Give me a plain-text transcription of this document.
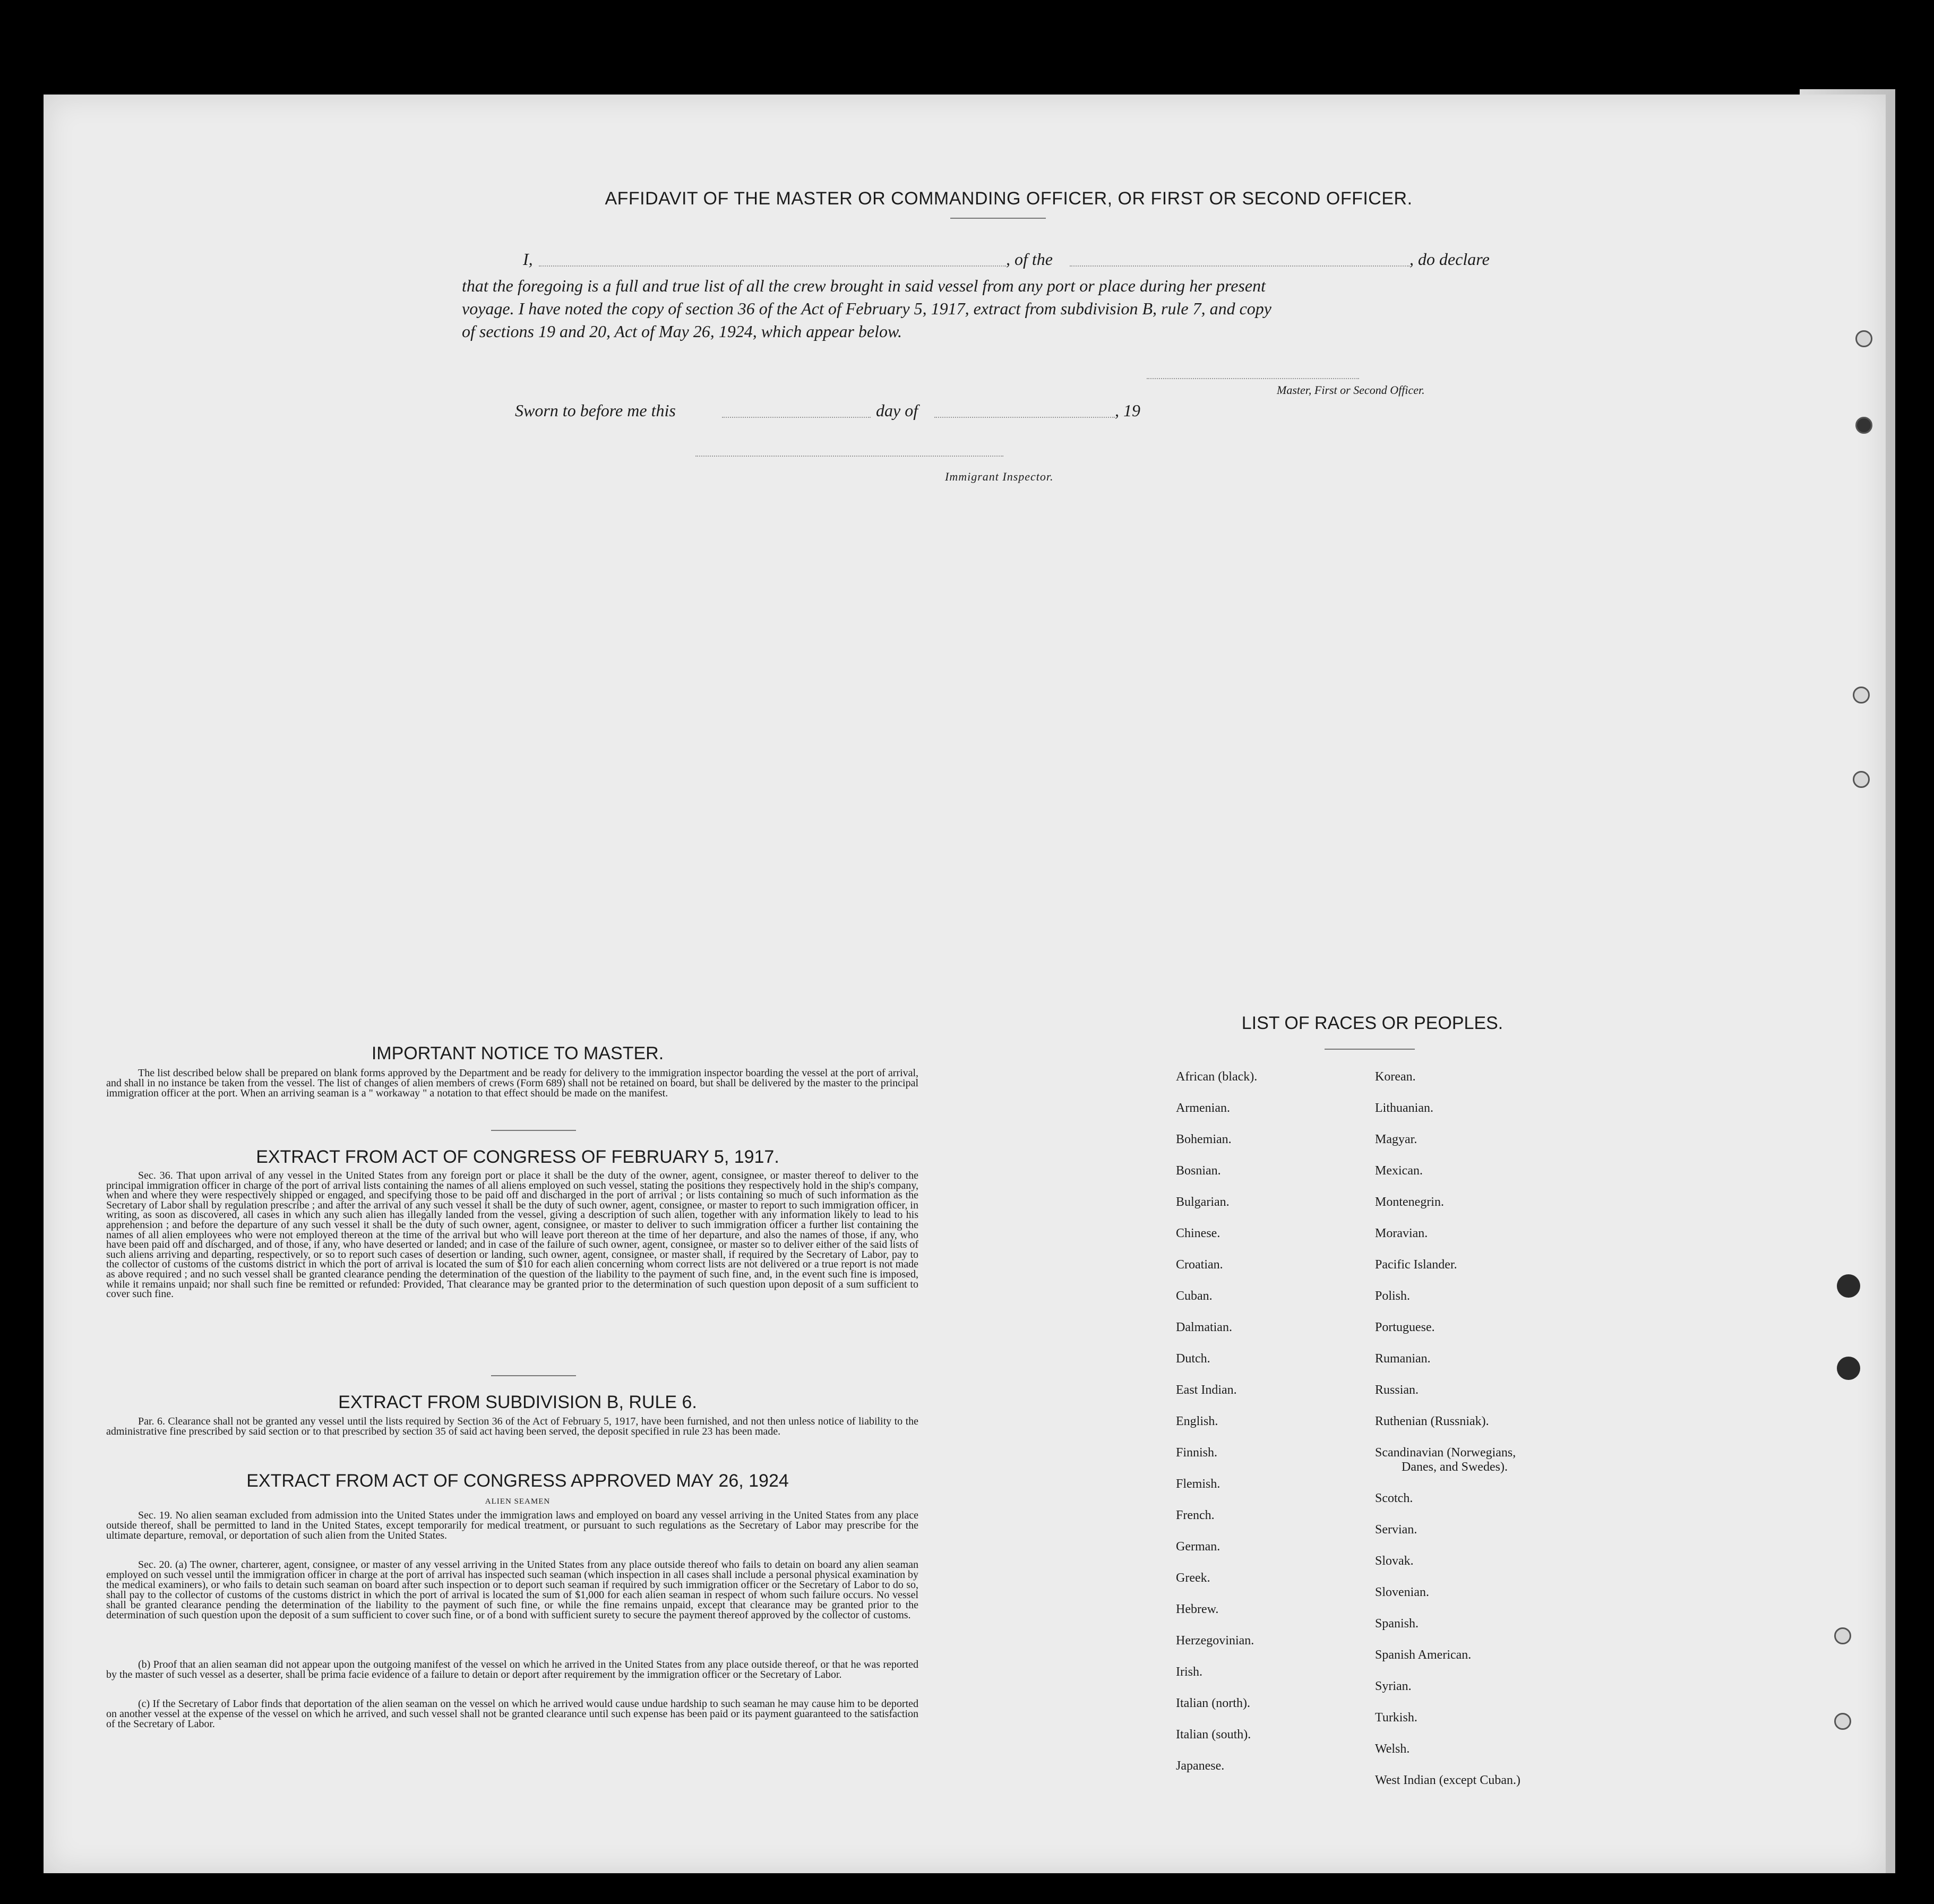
AFFIDAVIT OF THE MASTER OR COMMANDING OFFICER, OR FIRST OR SECOND OFFICER.
I,	, of the	, do declare
that the foregoing is a full and true list of all the crew brought in said vessel from any port or place during her present
voyage. I have noted the copy of section 36 of the Act of February 5, 1917, extract from subdivision B, rule 7, and copy
of sections 19 and 20, Act of May 26, 1924, which appear below.
Master, First or Second Officer.
Sworn to before me this	day of	, 19
Immigrant Inspector.
IMPORTANT NOTICE TO MASTER.
The list described below shall be prepared on blank forms approved by the Department and be ready for delivery to the immigration inspector boarding the vessel at the port of arrival, and shall in no instance be taken from the vessel. The list of changes of alien members of crews (Form 689) shall not be retained on board, but shall be delivered by the master to the principal immigration officer at the port. When an arriving seaman is a " workaway " a notation to that effect should be made on the manifest.
EXTRACT FROM ACT OF CONGRESS OF FEBRUARY 5, 1917.
Sec. 36. That upon arrival of any vessel in the United States from any foreign port or place it shall be the duty of the owner, agent, consignee, or master thereof to deliver to the principal immigration officer in charge of the port of arrival lists containing the names of all aliens employed on such vessel, stating the positions they respectively hold in the ship's company, when and where they were respectively shipped or engaged, and specifying those to be paid off and discharged in the port of arrival ; or lists containing so much of such information as the Secretary of Labor shall by regulation prescribe ; and after the arrival of any such vessel it shall be the duty of such owner, agent, consignee, or master to report to such immigration officer, in writing, as soon as discovered, all cases in which any such alien has illegally landed from the vessel, giving a description of such alien, together with any information likely to lead to his apprehension ; and before the departure of any such vessel it shall be the duty of such owner, agent, consignee, or master to deliver to such immigration officer a further list containing the names of all alien employees who were not employed thereon at the time of the arrival but who will leave port thereon at the time of her departure, and also the names of those, if any, who have been paid off and discharged, and of those, if any, who have deserted or landed; and in case of the failure of such owner, agent, consignee, or master so to deliver either of the said lists of such aliens arriving and departing, respectively, or so to report such cases of desertion or landing, such owner, agent, consignee, or master shall, if required by the Secretary of Labor, pay to the collector of customs of the customs district in which the port of arrival is located the sum of $10 for each alien concerning whom correct lists are not delivered or a true report is not made as above required ; and no such vessel shall be granted clearance pending the determination of the question of the liability to the payment of such fine, and, in the event such fine is imposed, while it remains unpaid; nor shall such fine be remitted or refunded: Provided, That clearance may be granted prior to the determination of such question upon deposit of a sum sufficient to cover such fine.
EXTRACT FROM SUBDIVISION B, RULE 6.
Par. 6. Clearance shall not be granted any vessel until the lists required by Section 36 of the Act of February 5, 1917, have been furnished, and not then unless notice of liability to the administrative fine prescribed by said section or to that prescribed by section 35 of said act having been served, the deposit specified in rule 23 has been made.
EXTRACT FROM ACT OF CONGRESS APPROVED MAY 26, 1924
ALIEN SEAMEN
Sec. 19. No alien seaman excluded from admission into the United States under the immigration laws and employed on board any vessel arriving in the United States from any place outside thereof, shall be permitted to land in the United States, except temporarily for medical treatment, or pursuant to such regulations as the Secretary of Labor may prescribe for the ultimate departure, removal, or deportation of such alien from the United States.
Sec. 20. (a) The owner, charterer, agent, consignee, or master of any vessel arriving in the United States from any place outside thereof who fails to detain on board any alien seaman employed on such vessel until the immigration officer in charge at the port of arrival has inspected such seaman (which inspection in all cases shall include a personal physical examination by the medical examiners), or who fails to detain such seaman on board after such inspection or to deport such seaman if required by such immigration officer or the Secretary of Labor to do so, shall pay to the collector of customs of the customs district in which the port of arrival is located the sum of $1,000 for each alien seaman in respect of whom such failure occurs. No vessel shall be granted clearance pending the determination of the liability to the payment of such fine, or while the fine remains unpaid, except that clearance may be granted prior to the determination of such question upon the deposit of a sum sufficient to cover such fine, or of a bond with sufficient surety to secure the payment thereof approved by the collector of customs.
(b) Proof that an alien seaman did not appear upon the outgoing manifest of the vessel on which he arrived in the United States from any place outside thereof, or that he was reported by the master of such vessel as a deserter, shall be prima facie evidence of a failure to detain or deport after requirement by the immigration officer or the Secretary of Labor.
(c) If the Secretary of Labor finds that deportation of the alien seaman on the vessel on which he arrived would cause undue hardship to such seaman he may cause him to be deported on another vessel at the expense of the vessel on which he arrived, and such vessel shall not be granted clearance until such expense has been paid or its payment guaranteed to the satisfaction of the Secretary of Labor.
LIST OF RACES OR PEOPLES.
African (black).
Armenian.
Bohemian.
Bosnian.
Bulgarian.
Chinese.
Croatian.
Cuban.
Dalmatian.
Dutch.
East Indian.
English.
Finnish.
Flemish.
French.
German.
Greek.
Hebrew.
Herzegovinian.
Irish.
Italian (north).
Italian (south).
Japanese.
Korean.
Lithuanian.
Magyar.
Mexican.
Montenegrin.
Moravian.
Pacific Islander.
Polish.
Portuguese.
Rumanian.
Russian.
Ruthenian (Russniak).
Scandinavian (Norwegians,
Danes, and Swedes).
Scotch.
Servian.
Slovak.
Slovenian.
Spanish.
Spanish American.
Syrian.
Turkish.
Welsh.
West Indian (except Cuban.)
